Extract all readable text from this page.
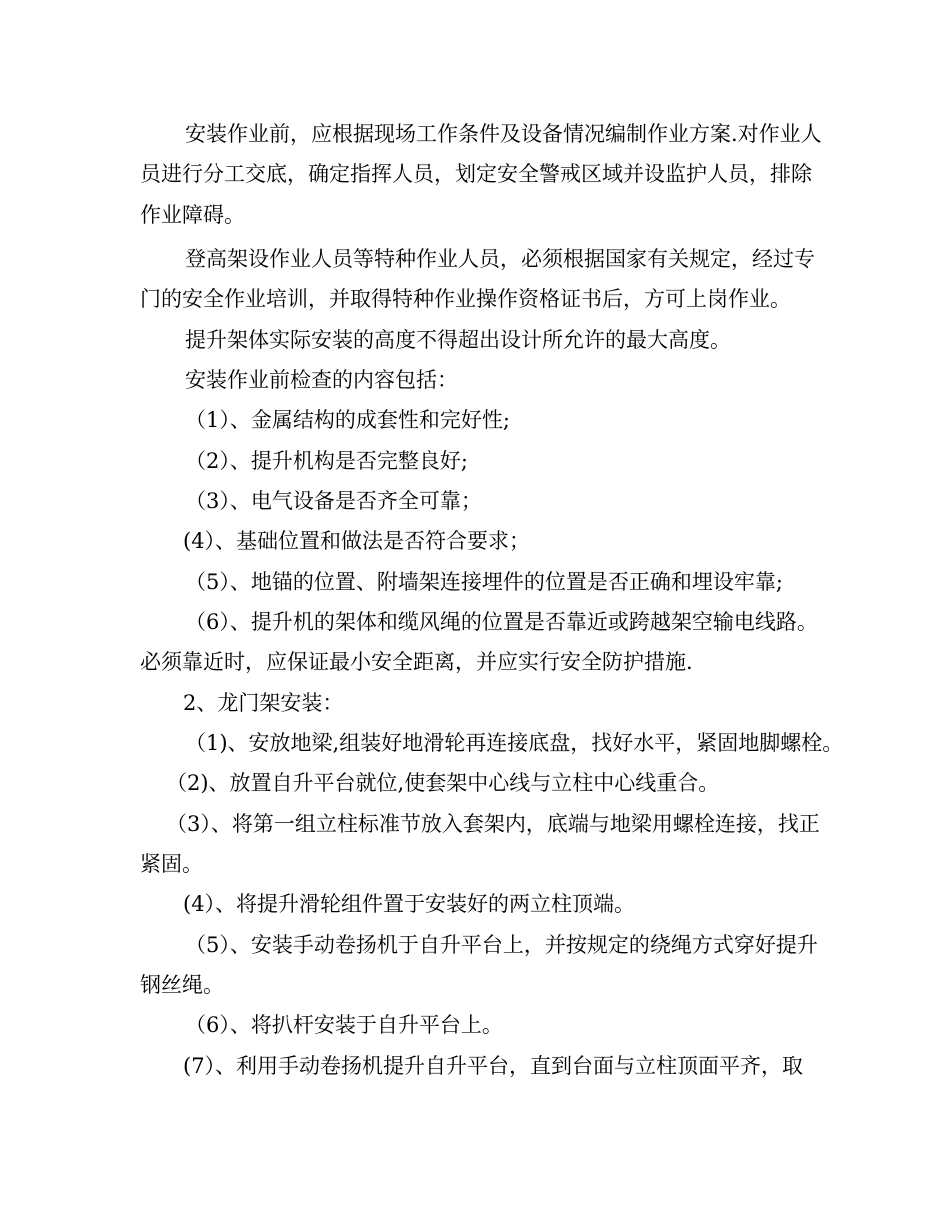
安装作业前，应根据现场工作条件及设备情况编制作业方案.对作业人
员进行分工交底，确定指挥人员，划定安全警戒区域并设监护人员，排除
作业障碍。
登高架设作业人员等特种作业人员，必须根据国家有关规定，经过专
门的安全作业培训，并取得特种作业操作资格证书后，方可上岗作业。
提升架体实际安装的高度不得超出设计所允许的最大高度。
安装作业前检查的内容包括：
（1）、金属结构的成套性和完好性;
（2）、提升机构是否完整良好;
（3）、电气设备是否齐全可靠；
(4）、基础位置和做法是否符合要求；
（5）、地锚的位置、附墙架连接埋件的位置是否正确和埋设牢靠;
（6）、提升机的架体和缆风绳的位置是否靠近或跨越架空输电线路。
必须靠近时，应保证最小安全距离，并应实行安全防护措施.
2、龙门架安装：
（1)、安放地梁,组装好地滑轮再连接底盘，找好水平，紧固地脚螺栓。
（2)、放置自升平台就位,使套架中心线与立柱中心线重合。
（3）、将第一组立柱标准节放入套架内，底端与地梁用螺栓连接，找正
紧固。
(4）、将提升滑轮组件置于安装好的两立柱顶端。
（5）、安装手动卷扬机于自升平台上，并按规定的绕绳方式穿好提升
钢丝绳。
（6）、将扒杆安装于自升平台上。
(7）、利用手动卷扬机提升自升平台，直到台面与立柱顶面平齐，取
